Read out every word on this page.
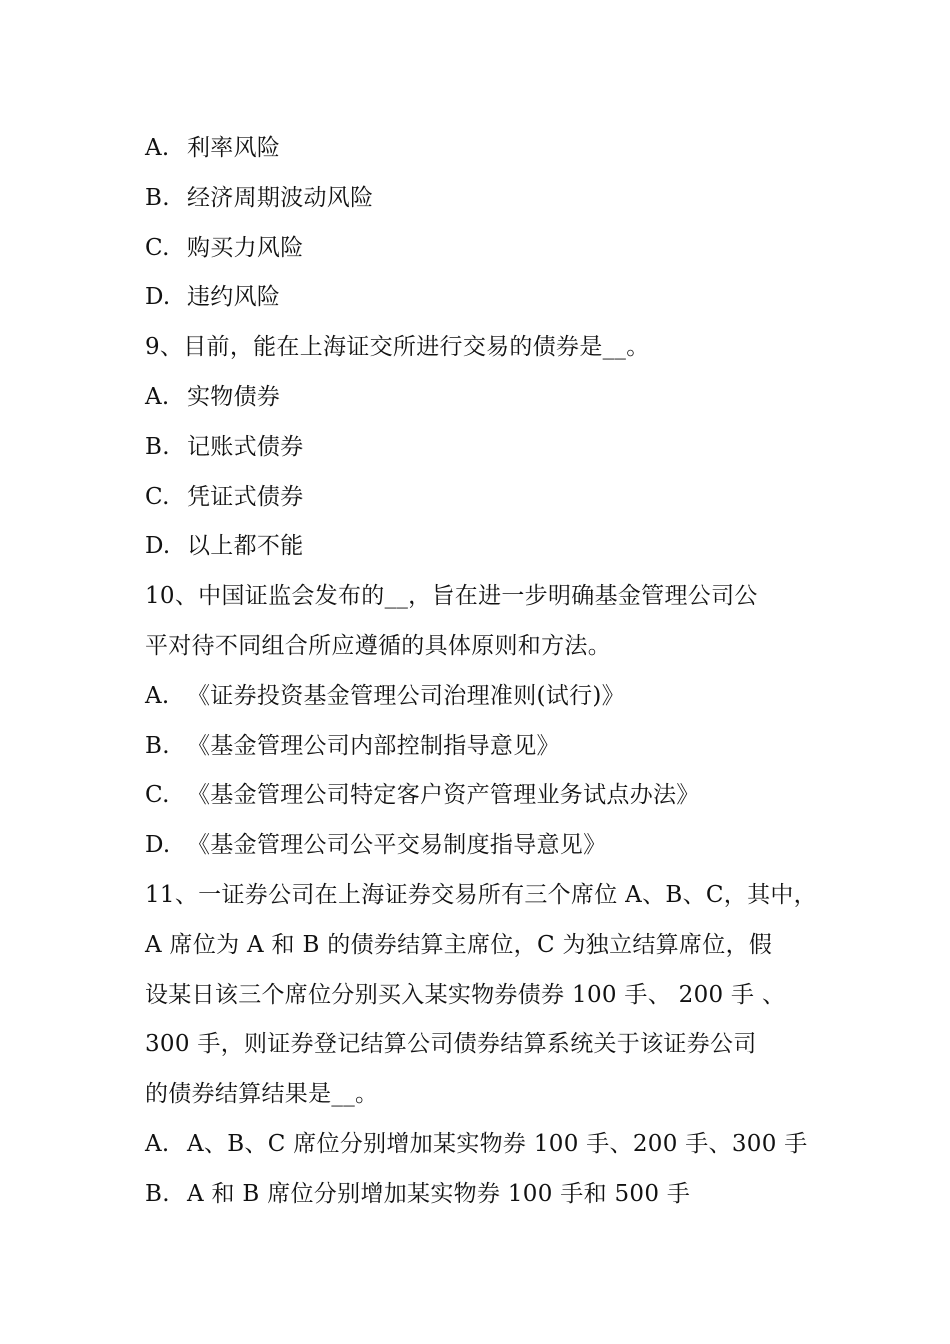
A. 利率风险
B. 经济周期波动风险
C. 购买力风险
D. 违约风险
9、目前，能在上海证交所进行交易的债券是__。
A. 实物债券
B. 记账式债券
C. 凭证式债券
D. 以上都不能
10、中国证监会发布的__，旨在进一步明确基金管理公司公
平对待不同组合所应遵循的具体原则和方法。
A. 《证券投资基金管理公司治理准则(试行)》
B. 《基金管理公司内部控制指导意见》
C. 《基金管理公司特定客户资产管理业务试点办法》
D. 《基金管理公司公平交易制度指导意见》
11、一证券公司在上海证券交易所有三个席位 A、B、C，其中，
A 席位为 A 和 B 的债券结算主席位，C 为独立结算席位，假
设某日该三个席位分别买入某实物券债券 100 手、 200 手 、
300 手，则证券登记结算公司债券结算系统关于该证券公司
的债券结算结果是__。
A. A、B、C 席位分别增加某实物券 100 手、200 手、300 手
B. A 和 B 席位分别增加某实物券 100 手和 500 手
